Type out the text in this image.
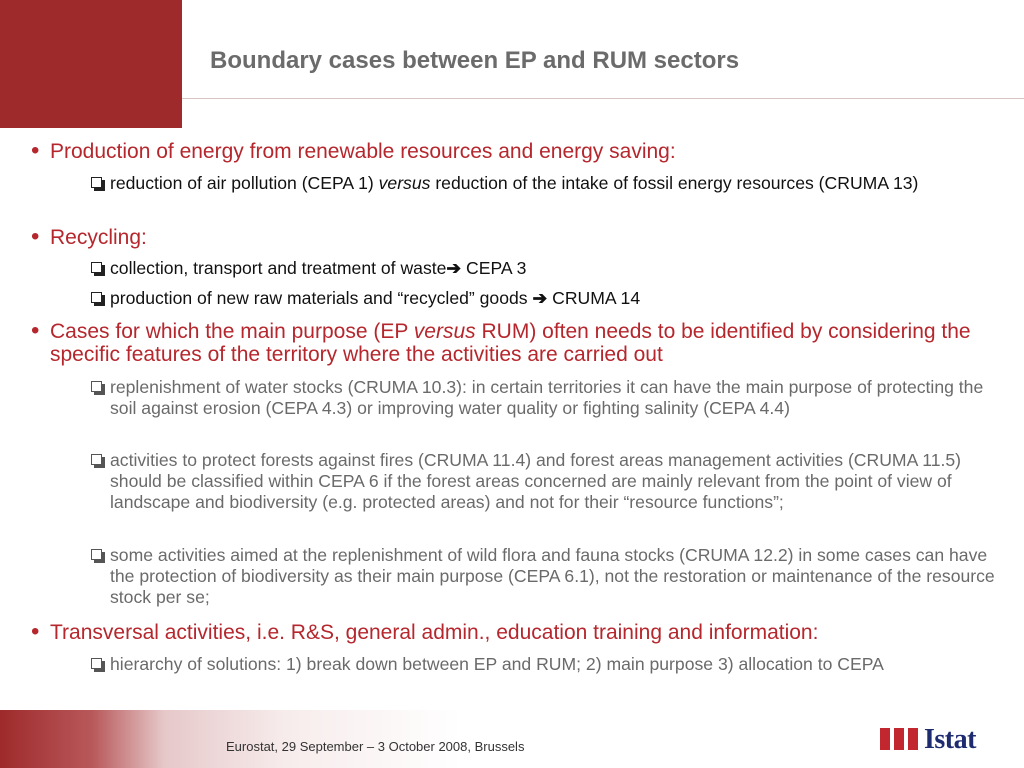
Boundary cases between EP and RUM sectors
• Production of energy from renewable resources and energy saving:
reduction of air pollution (CEPA 1) versus reduction of the intake of fossil energy resources (CRUMA 13)
• Recycling:
collection, transport and treatment of waste➔ CEPA 3
production of new raw materials and “recycled” goods ➔ CRUMA 14
• Cases for which the main purpose (EP versus RUM) often needs to be identified by considering the specific features of the territory where the activities are carried out
replenishment of water stocks (CRUMA 10.3): in certain territories it can have the main purpose of protecting the soil against erosion (CEPA 4.3) or improving water quality or fighting salinity (CEPA 4.4)
activities to protect forests against fires (CRUMA 11.4) and forest areas management activities (CRUMA 11.5) should be classified within CEPA 6 if the forest areas concerned are mainly relevant from the point of view of landscape and biodiversity (e.g. protected areas) and not for their “resource functions”;
some activities aimed at the replenishment of wild flora and fauna stocks (CRUMA 12.2) in some cases can have the protection of biodiversity as their main purpose (CEPA 6.1), not the restoration or maintenance of the resource stock per se;
• Transversal activities, i.e. R&S, general admin., education training and information:
hierarchy of solutions: 1) break down between EP and RUM; 2) main purpose 3) allocation to CEPA
Eurostat, 29 September – 3 October 2008, Brussels	Istat
